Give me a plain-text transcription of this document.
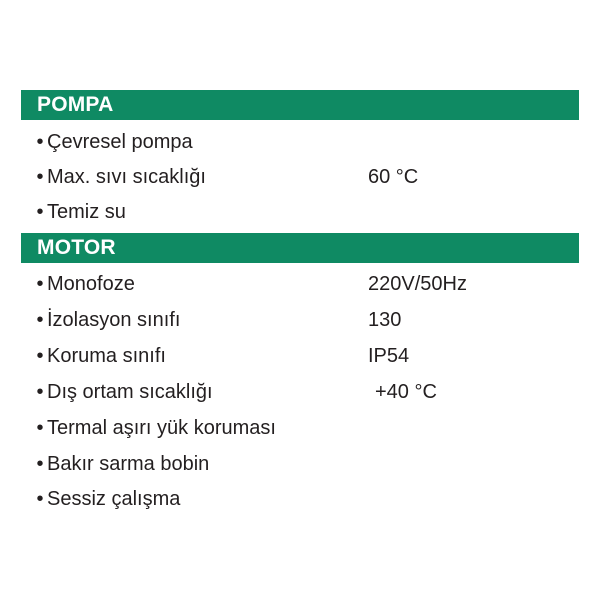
POMPA
• Çevresel pompa
• Max. sıvı sıcaklığı	60 °C
• Temiz su
MOTOR
• Monofoze	220V/50Hz
• İzolasyon sınıfı	130
• Koruma sınıfı	IP54
• Dış ortam sıcaklığı	+40 °C
• Termal aşırı yük koruması
• Bakır sarma bobin
• Sessiz çalışma
